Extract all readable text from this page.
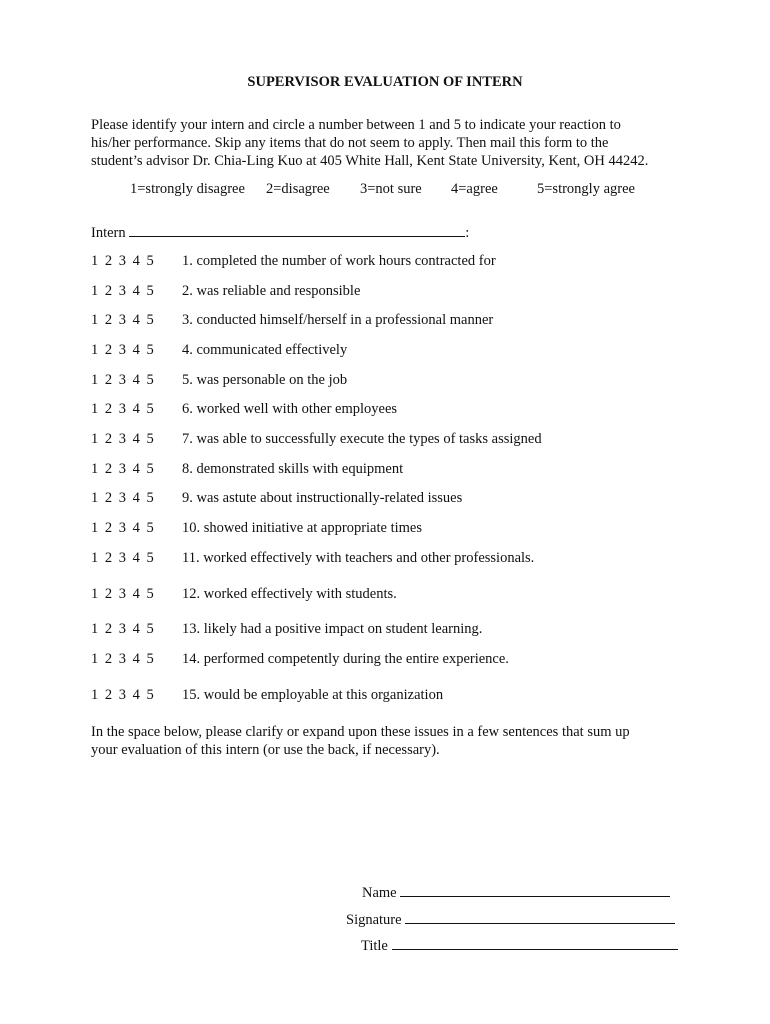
SUPERVISOR EVALUATION OF INTERN
Please identify your intern and circle a number between 1 and 5 to indicate your reaction to
his/her performance. Skip any items that do not seem to apply. Then mail this form to the
student’s advisor Dr. Chia-Ling Kuo at 405 White Hall, Kent State University, Kent, OH 44242.
1=strongly disagree 2=disagree 3=not sure 4=agree	5=strongly agree
Intern	:
1 2 3 4 5 1. completed the number of work hours contracted for
1 2 3 4 5 2. was reliable and responsible
1 2 3 4 5 3. conducted himself/herself in a professional manner
1 2 3 4 5 4. communicated effectively
1 2 3 4 5 5. was personable on the job
1 2 3 4 5 6. worked well with other employees
1 2 3 4 5 7. was able to successfully execute the types of tasks assigned
1 2 3 4 5 8. demonstrated skills with equipment
1 2 3 4 5 9. was astute about instructionally-related issues
1 2 3 4 5 10. showed initiative at appropriate times
1 2 3 4 5 11. worked effectively with teachers and other professionals.
1 2 3 4 5 12. worked effectively with students.
1 2 3 4 5 13. likely had a positive impact on student learning.
1 2 3 4 5 14. performed competently during the entire experience.
1 2 3 4 5 15. would be employable at this organization
In the space below, please clarify or expand upon these issues in a few sentences that sum up
your evaluation of this intern (or use the back, if necessary).
Name
Signature
Title
